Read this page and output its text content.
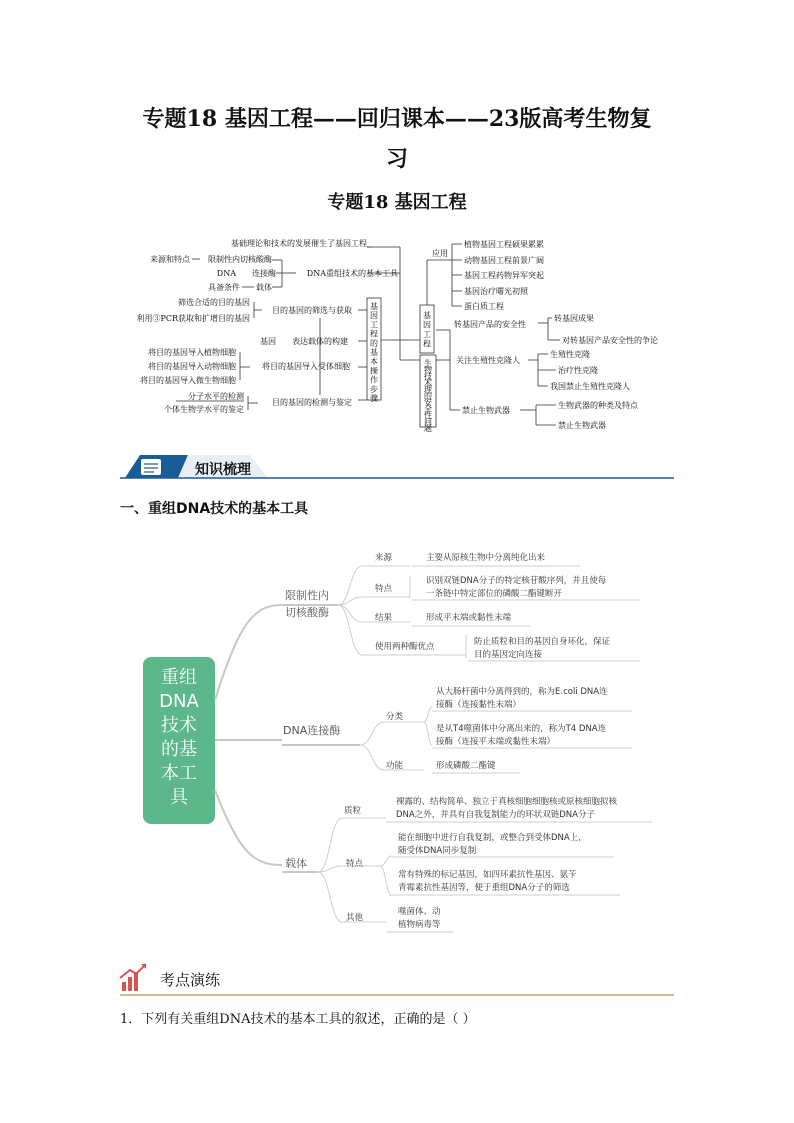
专题18 基因工程——回归课本——23版高考生物复
习
专题18 基因工程
基
因
工
程
的
基
本
操
作
步
骤
基础理论和技术的发展催生了基因工程
DNA重组技术的基本工具
目的基因的筛选与获取
表达载体的构建
将目的基因导入受体细胞
目的基因的检测与鉴定
来源和特点 限制性内切核酸酶
DNA 连接酶
具备条件 载体
筛选合适的目的基因
利用③PCR获取和扩增目的基因
基因
将目的基因导入植物细胞
将目的基因导入动物细胞
将目的基因导入微生物细胞
分子水平的检测
个体生物学水平的鉴定
基
因
工
程
生
物
技
术
理
的
安
全
性
问
题
应用
植物基因工程硕果累累
动物基因工程前景广阔
基因工程药物异军突起
基因治疗曙光初照
蛋白质工程
转基因产品的安全性
关注生殖性克隆人
禁止生物武器
转基因成果
对转基因产品安全性的争论
生殖性克隆
治疗性克隆
我国禁止生殖性克隆人
生物武器的种类及特点
禁止生物武器
知识梳理
一、重组DNA技术的基本工具
重组
DNA
技术
的基
本工
具
限制性内
切核酸酶
DNA连接酶
载体
来源	主要从原核生物中分离纯化出来
特点
识别双链DNA分子的特定核苷酸序列，并且使每
一条链中特定部位的磷酸二酯键断开
结果	形成平末端或黏性末端
使用两种酶优点	防止质粒和目的基因自身环化，保证
目的基因定向连接
分类
从大肠杆菌中分离得到的，称为E.coli DNA连
接酶（连接黏性末端）
是从T4噬菌体中分离出来的，称为T4 DNA连
接酶（连接平末端或黏性末端）
功能	形成磷酸二酯键
质粒
裸露的、结构简单、独立于真核细胞细胞核或原核细胞拟核
DNA之外，并具有自我复制能力的环状双链DNA分子
特点
能在细胞中进行自我复制，或整合到受体DNA上，
随受体DNA同步复制
常有特殊的标记基因，如四环素抗性基因、氨苄
青霉素抗性基因等，便于重组DNA分子的筛选
其他
噬菌体、动
植物病毒等
考点演练
1．下列有关重组DNA技术的基本工具的叙述，正确的是（ ）
